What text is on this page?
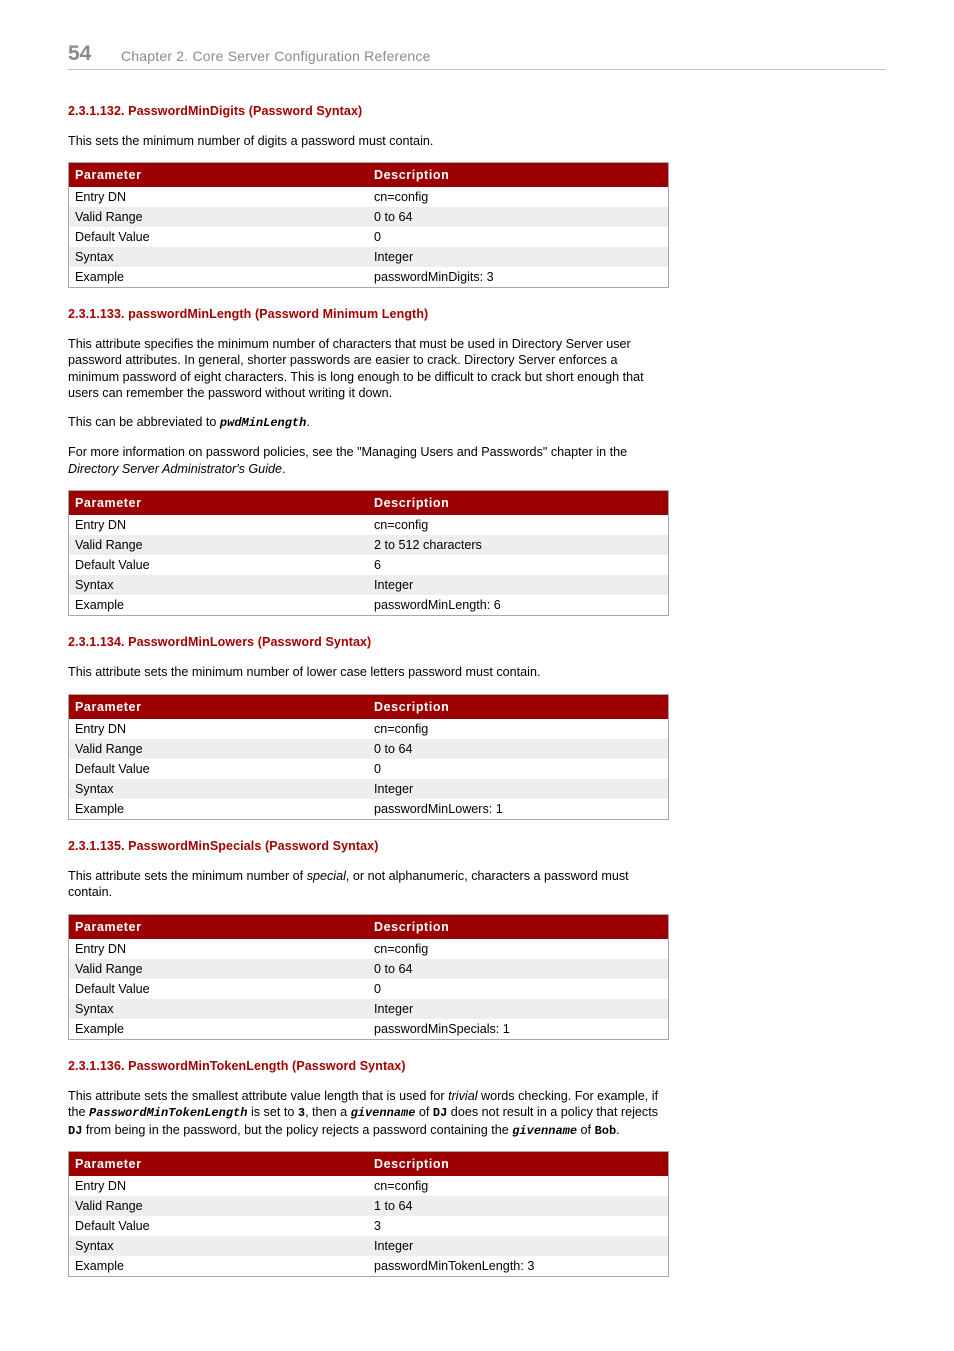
54 Chapter 2. Core Server Configuration Reference
2.3.1.132. PasswordMinDigits (Password Syntax)

This sets the minimum number of digits a password must contain.

Parameter	Description
Entry DN	cn=config
Valid Range	0 to 64
Default Value	0
Syntax	Integer
Example	passwordMinDigits: 3
2.3.1.133. passwordMinLength (Password Minimum Length)

This attribute specifies the minimum number of characters that must be used in Directory Server user password attributes. In general, shorter passwords are easier to crack. Directory Server enforces a minimum password of eight characters. This is long enough to be difficult to crack but short enough that users can remember the password without writing it down.

This can be abbreviated to pwdMinLength.

For more information on password policies, see the "Managing Users and Passwords" chapter in the Directory Server Administrator's Guide.

Parameter	Description
Entry DN	cn=config
Valid Range	2 to 512 characters
Default Value	6
Syntax	Integer
Example	passwordMinLength: 6
2.3.1.134. PasswordMinLowers (Password Syntax)

This attribute sets the minimum number of lower case letters password must contain.

Parameter	Description
Entry DN	cn=config
Valid Range	0 to 64
Default Value	0
Syntax	Integer
Example	passwordMinLowers: 1
2.3.1.135. PasswordMinSpecials (Password Syntax)

This attribute sets the minimum number of special, or not alphanumeric, characters a password must contain.

Parameter	Description
Entry DN	cn=config
Valid Range	0 to 64
Default Value	0
Syntax	Integer
Example	passwordMinSpecials: 1
2.3.1.136. PasswordMinTokenLength (Password Syntax)

This attribute sets the smallest attribute value length that is used for trivial words checking. For example, if the PasswordMinTokenLength is set to 3, then a givenname of DJ does not result in a policy that rejects DJ from being in the password, but the policy rejects a password containing the givenname of Bob.

Parameter	Description
Entry DN	cn=config
Valid Range	1 to 64
Default Value	3
Syntax	Integer
Example	passwordMinTokenLength: 3
